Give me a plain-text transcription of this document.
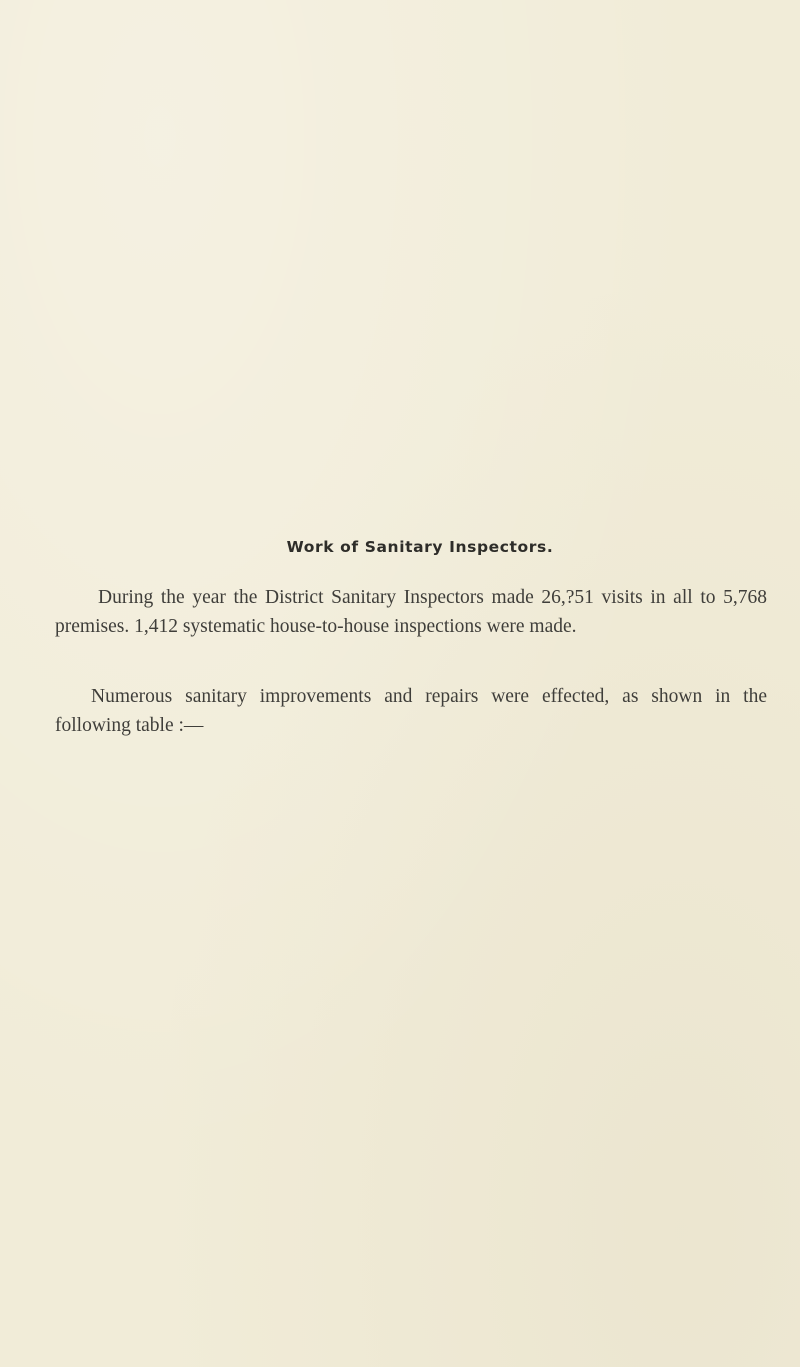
Work of Sanitary Inspectors.

During the year the District Sanitary Inspectors made 26,?51 visits in all to 5,768 premises. 1,412 systematic house-to-house inspections were made.

Numerous sanitary improvements and repairs were effected, as shown in the following table :—
